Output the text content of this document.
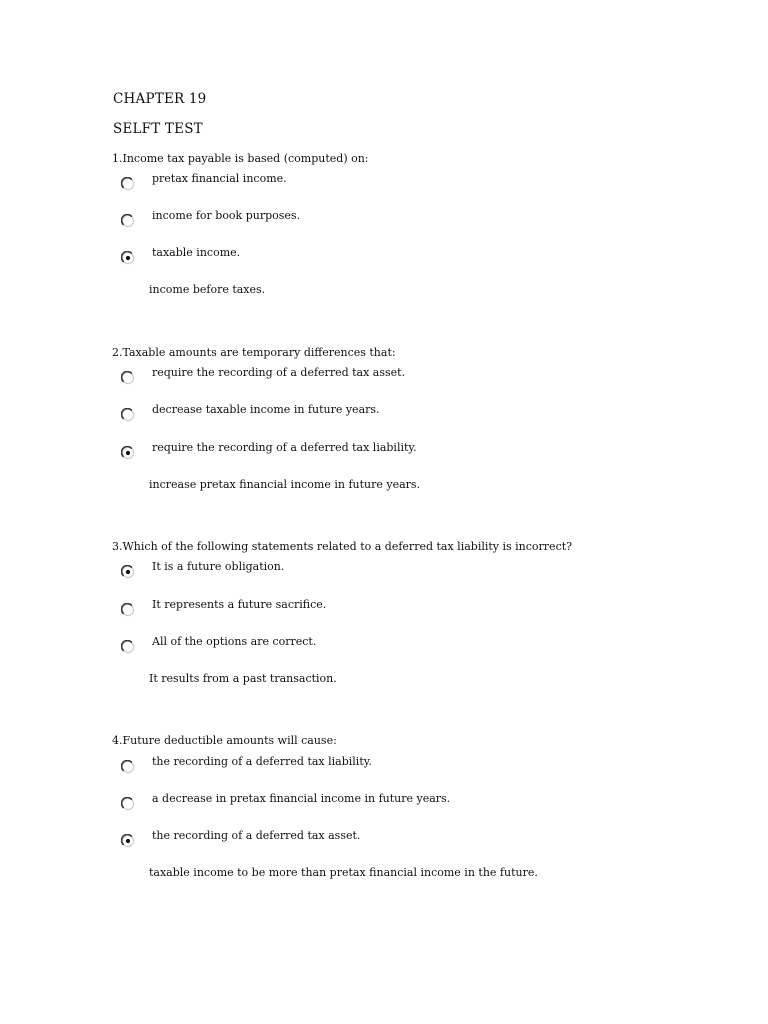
CHAPTER 19
SELFT TEST
1.Income tax payable is based (computed) on:
pretax financial income.
income for book purposes.
taxable income.
income before taxes.
2.Taxable amounts are temporary differences that:
require the recording of a deferred tax asset.
decrease taxable income in future years.
require the recording of a deferred tax liability.
increase pretax financial income in future years.
3.Which of the following statements related to a deferred tax liability is incorrect?
It is a future obligation.
It represents a future sacrifice.
All of the options are correct.
It results from a past transaction.
4.Future deductible amounts will cause:
the recording of a deferred tax liability.
a decrease in pretax financial income in future years.
the recording of a deferred tax asset.
taxable income to be more than pretax financial income in the future.
